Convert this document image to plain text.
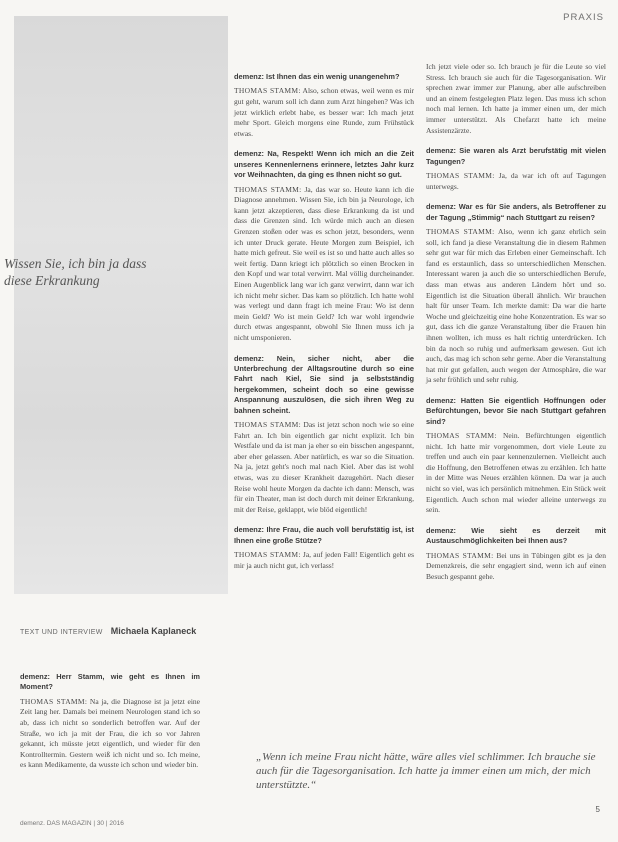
PRAXIS
Wissen Sie, ich bin ja dass diese Erkrankung
TEXT UND INTERVIEW Michaela Kaplaneck

demenz: Herr Stamm, wie geht es Ihnen im Moment?

THOMAS STAMM: Na ja, die Diagnose ist ja jetzt eine Zeit lang her. Damals bei meinem Neurologen stand ich so ab, dass ich nicht so sonderlich betroffen war. Auf der Straße, wo ich ja mit der Frau, die ich so vor Jahren gekannt, ich müsste jetzt eigentlich, und wieder für den Kontrolltermin. Gestern weiß ich nicht und so. Ich meine, es kann Medikamente, da wusste ich schon und wieder bin.

demenz: Ist Ihnen das ein wenig unangenehm?

THOMAS STAMM: Also, schon etwas, weil wenn es mir gut geht, warum soll ich dann zum Arzt hingehen? Was ich jetzt wirklich erlebt habe, es besser war: Ich mach jetzt mehr Sport. Gleich morgens eine Runde, zum Frühstück etwas.

demenz: Na, Respekt! Wenn ich mich an die Zeit unseres Kennenlernens erinnere, letztes Jahr kurz vor Weihnachten, da ging es Ihnen nicht so gut.

THOMAS STAMM: Ja, das war so. Heute kann ich die Diagnose annehmen. Wissen Sie, ich bin ja Neurologe, ich kann jetzt akzeptieren, dass diese Erkrankung da ist und dass die Grenzen sind. Ich würde mich auch an diesen Grenzen stoßen oder was es schon jetzt, besonders, wenn ich unter Druck gerate. Heute Morgen zum Beispiel, ich hatte mich gefreut. Sie weil es ist so und hatte auch alles so weit fertig. Dann kriegt ich plötzlich so einen Brocken in den Kopf und war total verwirrt. Mal völlig durcheinander. Einen Augenblick lang war ich ganz verwirrt, dann war ich ich nicht mehr sicher. Das kam so plötzlich. Ich hatte wohl was verlegt und dann fragt ich meine Frau: Wo ist denn mein Geld? Wo ist mein Geld? Ich war wohl irgendwie durch etwas angespannt, obwohl Sie Ihnen muss ich ja nicht umsponieren.

demenz: Nein, sicher nicht, aber die Unterbrechung der Alltagsroutine durch so eine Fahrt nach Kiel, Sie sind ja selbstständig hergekommen, scheint doch so eine gewisse Anspannung auszulösen, die sich ihren Weg zu bahnen scheint.

THOMAS STAMM: Das ist jetzt schon noch wie so eine Fahrt an. Ich bin eigentlich gar nicht explizit. Ich bin Westfale und da ist man ja eher so ein bisschen angespannt, aber eher gelassen. Aber natürlich, es war so die Situation. Na ja, jetzt geht's noch mal nach Kiel. Aber das ist wohl etwas, was zu dieser Krankheit dazugehört. Nach dieser Reise wohl heute Morgen da dachte ich dann: Mensch, was für ein Theater, man ist doch durch mit deiner Erkrankung, mit der Reise, geklappt, wie blöd eigentlich!

demenz: Ihre Frau, die auch voll berufstätig ist, ist Ihnen eine große Stütze?

THOMAS STAMM: Ja, auf jeden Fall! Eigentlich geht es mir ja auch nicht gut, ich verlass!

Ich jetzt viele oder so. Ich brauch je für die Leute so viel Stress. Ich brauch sie auch für die Tagesorganisation. Wir sprechen zwar immer zur Planung, aber alle aufschreiben und an einem festgelegten Platz legen. Das muss ich schon noch mal lernen. Ich hatte ja immer einen um, der mich immer unterstützt. Als Chefarzt hatte ich meine Assistenzärzte.

demenz: Sie waren als Arzt berufstätig mit vielen Tagungen?

THOMAS STAMM: Ja, da war ich oft auf Tagungen unterwegs.

demenz: War es für Sie anders, als Betroffener zu der Tagung „Stimmig“ nach Stuttgart zu reisen?

THOMAS STAMM: Also, wenn ich ganz ehrlich sein soll, ich fand ja diese Veranstaltung die in diesem Rahmen sehr gut war für mich das Erleben einer Gemeinschaft. Ich fand es erstaunlich, dass so unterschiedlichen Menschen. Interessant waren ja auch die so unterschiedlichen Berufe, dass man etwas aus anderen Ländern hört und so. Eigentlich ist die Situation überall ähnlich. Wir brauchen halt für unser Team. Ich merkte damit: Da war die harte Woche und gleichzeitig eine hohe Konzentration. Es war so gut, dass ich die ganze Veranstaltung über die Frauen hin ihnen wollten, ich muss es halt richtig unterdrücken. Ich bin da noch so ruhig und aufmerksam gewesen. Gut ich auch, das mag ich schon sehr gerne. Aber die Veranstaltung hat mir gut gefallen, auch wegen der Atmosphäre, die war ja sehr fröhlich und sehr ruhig.

demenz: Hatten Sie eigentlich Hoffnungen oder Befürchtungen, bevor Sie nach Stuttgart gefahren sind?

THOMAS STAMM: Nein. Befürchtungen eigentlich nicht. Ich hatte mir vorgenommen, dort viele Leute zu treffen und auch ein paar kennenzulernen. Vielleicht auch die Hoffnung, den Betroffenen etwas zu erzählen. Ich hatte in der Mitte was Neues erzählen können. Da war ja auch nicht so viel, was ich persönlich mitnehmen. Ein Stück weit Eigentlich. Auch schon mal wieder alleine unterwegs zu sein.

demenz: Wie sieht es derzeit mit Austauschmöglichkeiten bei Ihnen aus?

THOMAS STAMM: Bei uns in Tübingen gibt es ja den Demenzkreis, die sehr engagiert sind, wenn ich auf einen Besuch gespannt gehe.

„Wenn ich meine Frau nicht hätte, wäre alles viel schlimmer. Ich brauche sie auch für die Tagesorganisation. Ich hatte ja immer einen um mich, der mich unterstützte.“
demenz. DAS MAGAZIN | 30 | 2016
5
